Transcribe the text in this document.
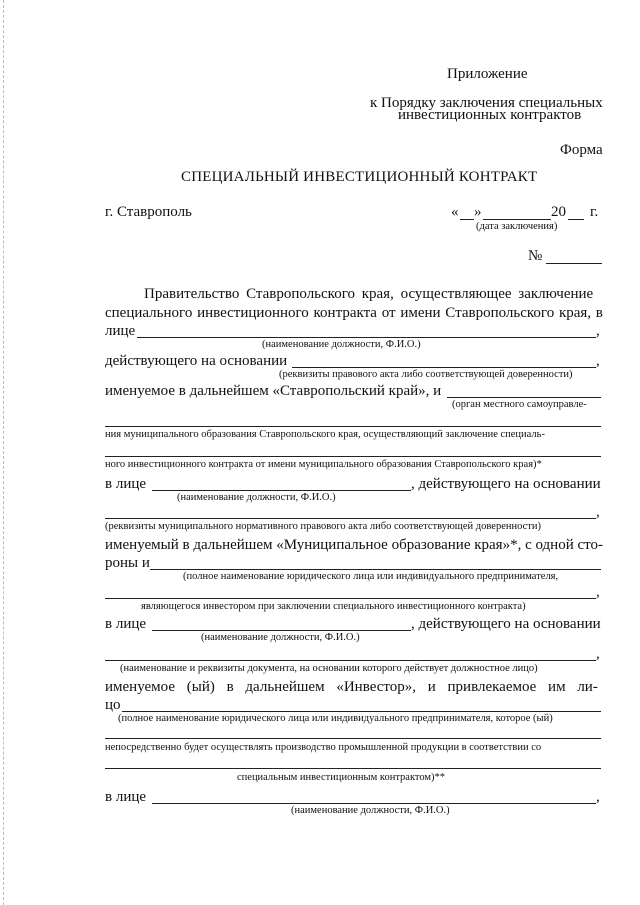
Приложение
к Порядку заключения специальных
инвестиционных контрактов
Форма
СПЕЦИАЛЬНЫЙ ИНВЕСТИЦИОННЫЙ КОНТРАКТ
г. Ставрополь	« »	20 г.
(дата заключения)
№
Правительство Ставропольского края, осуществляющее заключение
специального инвестиционного контракта от имени Ставропольского края, в
лице	,
(наименование должности, Ф.И.О.)
действующего на основании	,
(реквизиты правового акта либо соответствующей доверенности)
именуемое в дальнейшем «Ставропольский край», и
(орган местного самоуправле-
ния муниципального образования Ставропольского края, осуществляющий заключение специаль-
ного инвестиционного контракта от имени муниципального образования Ставропольского края)*
в лице	, действующего на основании
(наименование должности, Ф.И.О.)
,
(реквизиты муниципального нормативного правового акта либо соответствующей доверенности)
именуемый в дальнейшем «Муниципальное образование края»*, с одной сто-
роны и
(полное наименование юридического лица или индивидуального предпринимателя,
,
являющегося инвестором при заключении специального инвестиционного контракта)
в лице	, действующего на основании
(наименование должности, Ф.И.О.)
,
(наименование и реквизиты документа, на основании которого действует должностное лицо)
именуемое (ый) в дальнейшем «Инвестор», и привлекаемое им ли-
цо
(полное наименование юридического лица или индивидуального предпринимателя, которое (ый)
непосредственно будет осуществлять производство промышленной продукции в соответствии со
специальным инвестиционным контрактом)**
в лице	,
(наименование должности, Ф.И.О.)
